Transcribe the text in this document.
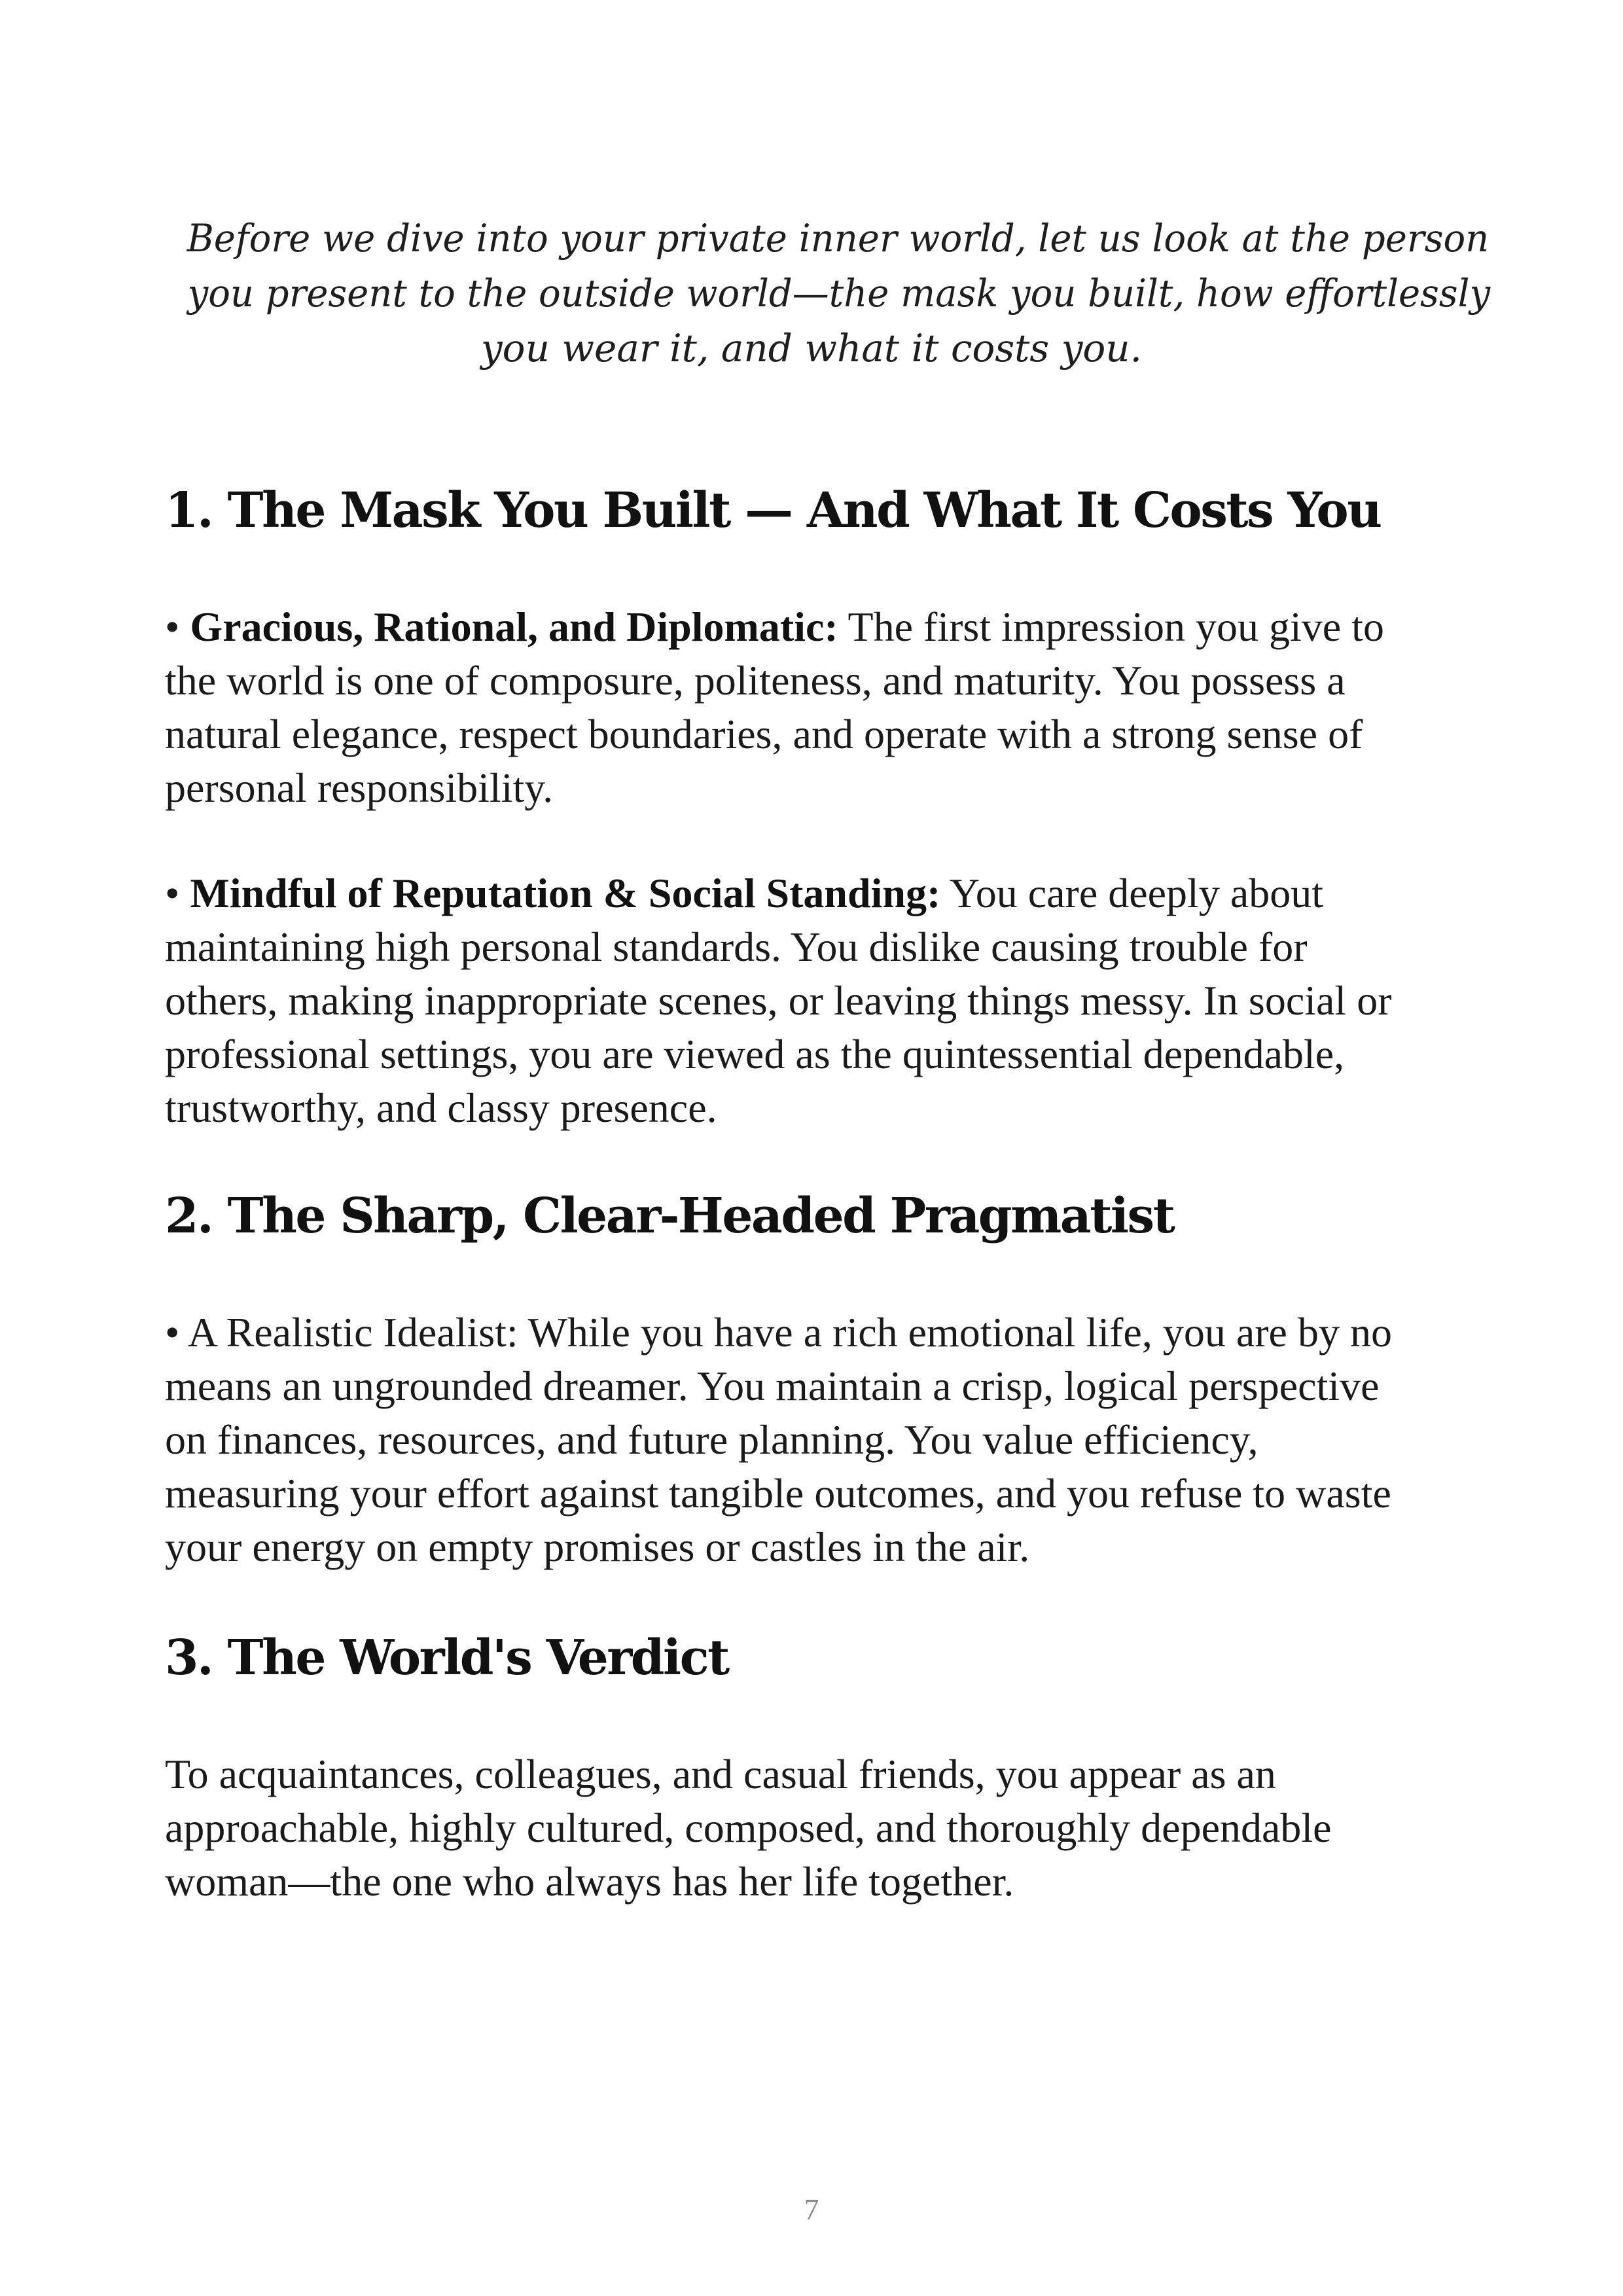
Before we dive into your private inner world, let us look at the person
you present to the outside world—the mask you built, how effortlessly
you wear it, and what it costs you.
1. The Mask You Built — And What It Costs You

• Gracious, Rational, and Diplomatic: The first impression you give to
the world is one of composure, politeness, and maturity. You possess a
natural elegance, respect boundaries, and operate with a strong sense of
personal responsibility.

• Mindful of Reputation & Social Standing: You care deeply about
maintaining high personal standards. You dislike causing trouble for
others, making inappropriate scenes, or leaving things messy. In social or
professional settings, you are viewed as the quintessential dependable,
trustworthy, and classy presence.

2. The Sharp, Clear-Headed Pragmatist

• A Realistic Idealist: While you have a rich emotional life, you are by no
means an ungrounded dreamer. You maintain a crisp, logical perspective
on finances, resources, and future planning. You value efficiency,
measuring your effort against tangible outcomes, and you refuse to waste
your energy on empty promises or castles in the air.

3. The World's Verdict

To acquaintances, colleagues, and casual friends, you appear as an
approachable, highly cultured, composed, and thoroughly dependable
woman—the one who always has her life together.

7
